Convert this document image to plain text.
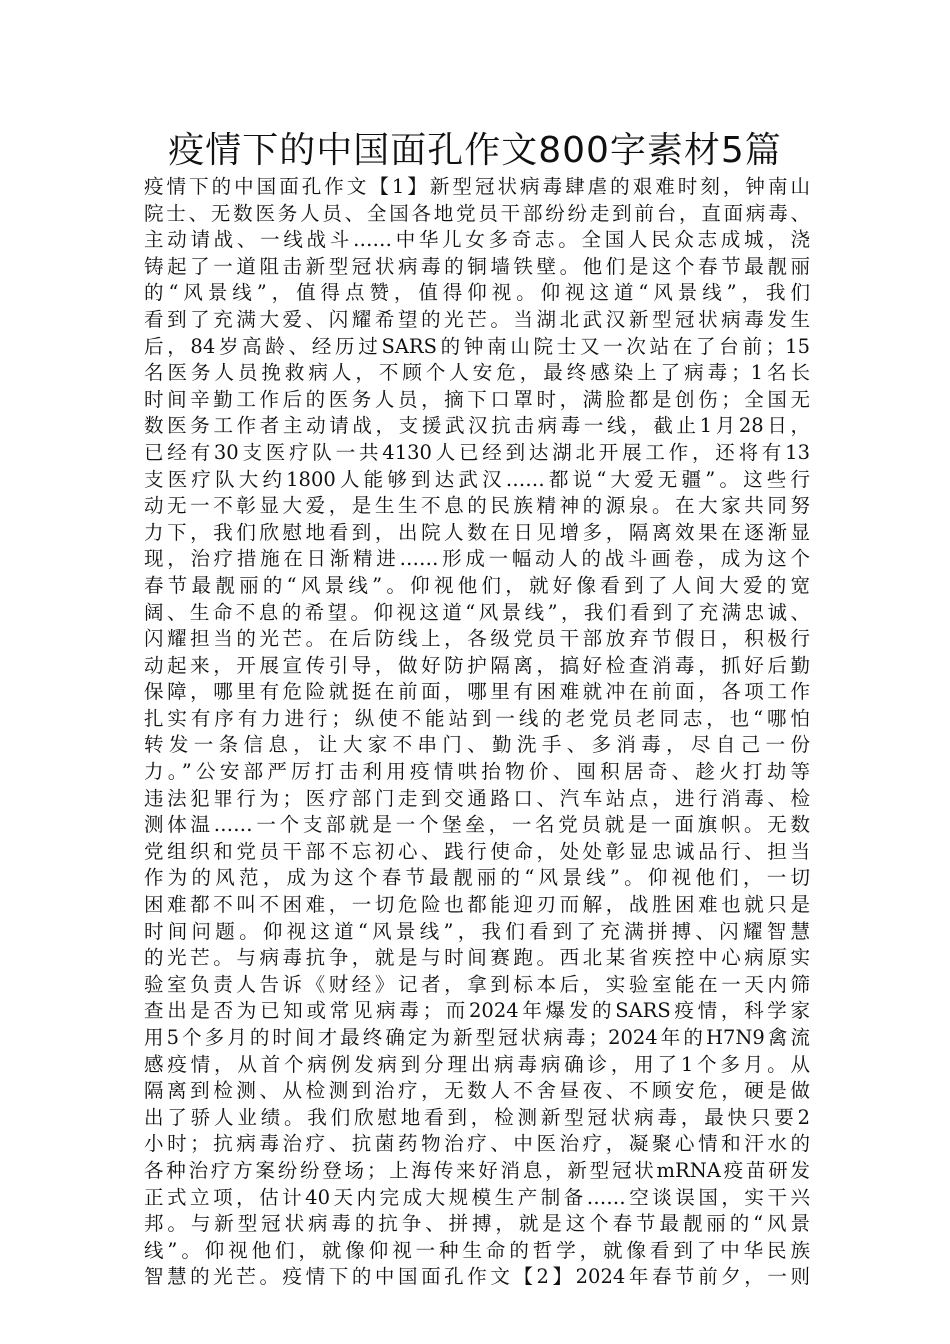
疫情下的中国面孔作文800字素材5篇
疫情下的中国面孔作文【1】新型冠状病毒肆虐的艰难时刻，钟南山
院士、无数医务人员、全国各地党员干部纷纷走到前台，直面病毒、
主动请战、一线战斗……中华儿女多奇志。全国人民众志成城，浇
铸起了一道阻击新型冠状病毒的铜墙铁壁。他们是这个春节最靓丽
的“风景线”，值得点赞，值得仰视。仰视这道“风景线”，我们
看到了充满大爱、闪耀希望的光芒。当湖北武汉新型冠状病毒发生
后，84岁高龄、经历过SARS的钟南山院士又一次站在了台前；15
名医务人员挽救病人，不顾个人安危，最终感染上了病毒；1名长
时间辛勤工作后的医务人员，摘下口罩时，满脸都是创伤；全国无
数医务工作者主动请战，支援武汉抗击病毒一线，截止1月28日，
已经有30支医疗队一共4130人已经到达湖北开展工作，还将有13
支医疗队大约1800人能够到达武汉……都说“大爱无疆”。这些行
动无一不彰显大爱，是生生不息的民族精神的源泉。在大家共同努
力下，我们欣慰地看到，出院人数在日见增多，隔离效果在逐渐显
现，治疗措施在日渐精进……形成一幅动人的战斗画卷，成为这个
春节最靓丽的“风景线”。仰视他们，就好像看到了人间大爱的宽
阔、生命不息的希望。仰视这道“风景线”，我们看到了充满忠诚、
闪耀担当的光芒。在后防线上，各级党员干部放弃节假日，积极行
动起来，开展宣传引导，做好防护隔离，搞好检查消毒，抓好后勤
保障，哪里有危险就挺在前面，哪里有困难就冲在前面，各项工作
扎实有序有力进行；纵使不能站到一线的老党员老同志，也“哪怕
转发一条信息，让大家不串门、勤洗手、多消毒，尽自己一份
力。”公安部严厉打击利用疫情哄抬物价、囤积居奇、趁火打劫等
违法犯罪行为；医疗部门走到交通路口、汽车站点，进行消毒、检
测体温……一个支部就是一个堡垒，一名党员就是一面旗帜。无数
党组织和党员干部不忘初心、践行使命，处处彰显忠诚品行、担当
作为的风范，成为这个春节最靓丽的“风景线”。仰视他们，一切
困难都不叫不困难，一切危险也都能迎刃而解，战胜困难也就只是
时间问题。仰视这道“风景线”，我们看到了充满拼搏、闪耀智慧
的光芒。与病毒抗争，就是与时间赛跑。西北某省疾控中心病原实
验室负责人告诉《财经》记者，拿到标本后，实验室能在一天内筛
查出是否为已知或常见病毒；而2024年爆发的SARS疫情，科学家
用5个多月的时间才最终确定为新型冠状病毒；2024年的H7N9禽流
感疫情，从首个病例发病到分理出病毒病确诊，用了1个多月。从
隔离到检测、从检测到治疗，无数人不舍昼夜、不顾安危，硬是做
出了骄人业绩。我们欣慰地看到，检测新型冠状病毒，最快只要2
小时；抗病毒治疗、抗菌药物治疗、中医治疗，凝聚心情和汗水的
各种治疗方案纷纷登场；上海传来好消息，新型冠状mRNA疫苗研发
正式立项，估计40天内完成大规模生产制备……空谈误国，实干兴
邦。与新型冠状病毒的抗争、拼搏，就是这个春节最靓丽的“风景
线”。仰视他们，就像仰视一种生命的哲学，就像看到了中华民族
智慧的光芒。疫情下的中国面孔作文【2】2024年春节前夕，一则
